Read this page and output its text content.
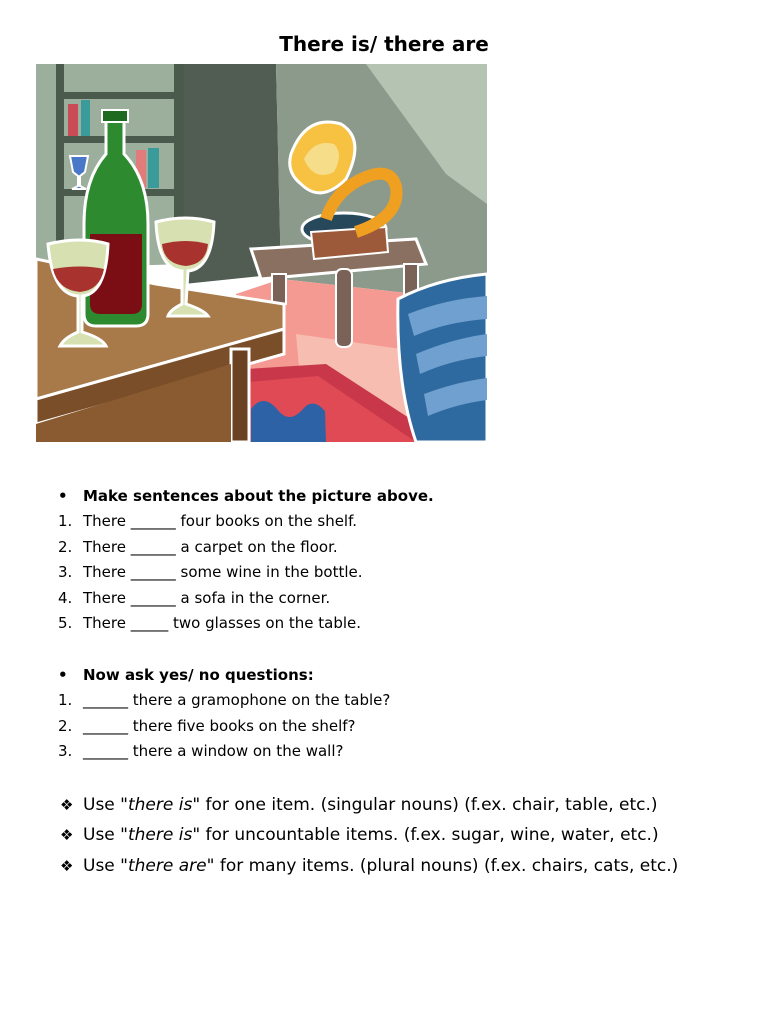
There is/ there are
• Make sentences about the picture above.
1. There ______ four books on the shelf.
2. There ______ a carpet on the floor.
3. There ______ some wine in the bottle.
4. There ______ a sofa in the corner.
5. There _____ two glasses on the table.
• Now ask yes/ no questions:
1. ______ there a gramophone on the table?
2. ______ there five books on the shelf?
3. ______ there a window on the wall?
❖ Use "there is" for one item. (singular nouns) (f.ex. chair, table, etc.)
❖ Use "there is" for uncountable items. (f.ex. sugar, wine, water, etc.)
❖ Use "there are" for many items. (plural nouns) (f.ex. chairs, cats, etc.)
